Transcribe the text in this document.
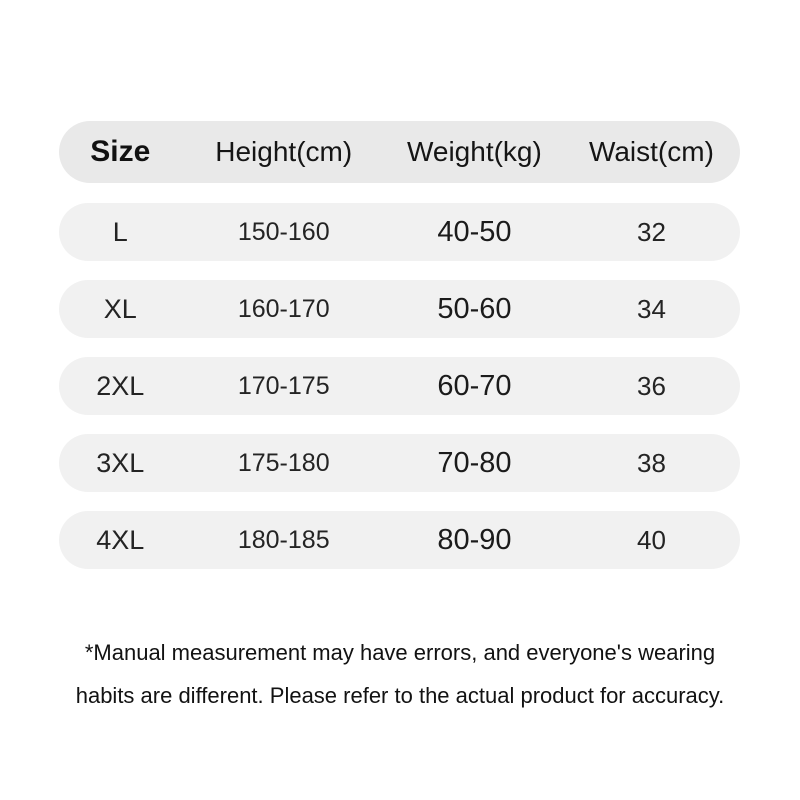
Size	Height(cm)	Weight(kg)	Waist(cm)
L	150-160	40-50	32
XL	160-170	50-60	34
2XL	170-175	60-70	36
3XL	175-180	70-80	38
4XL	180-185	80-90	40
*Manual measurement may have errors, and everyone's wearing
habits are different. Please refer to the actual product for accuracy.
